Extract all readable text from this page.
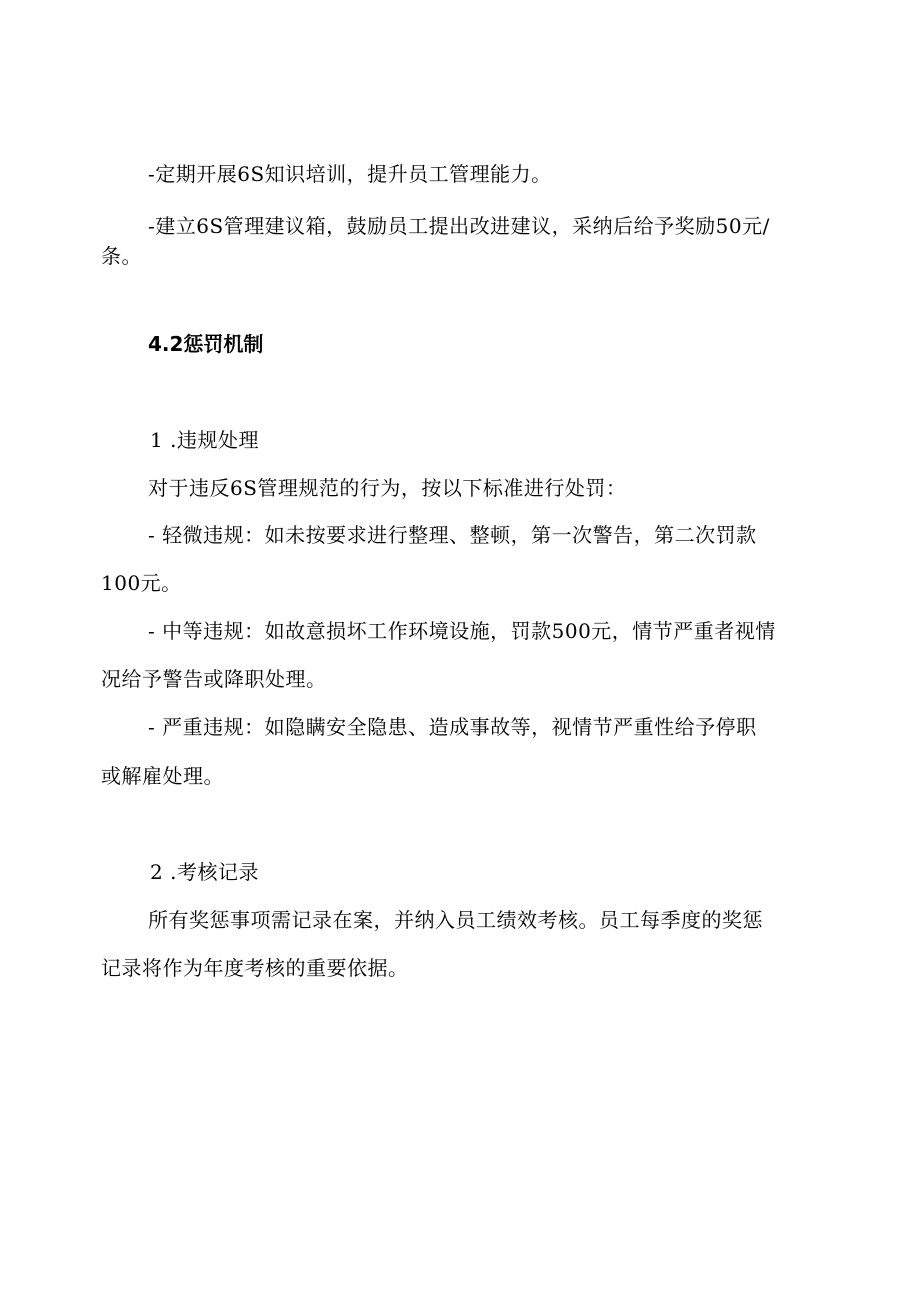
-定期开展6S知识培训，提升员工管理能力。
-建立6S管理建议箱，鼓励员工提出改进建议，采纳后给予奖励50元/
条。
4.2惩罚机制
1 .违规处理
对于违反6S管理规范的行为，按以下标准进行处罚：
- 轻微违规：如未按要求进行整理、整顿，第一次警告，第二次罚款
100元。
- 中等违规：如故意损坏工作环境设施，罚款500元，情节严重者视情
况给予警告或降职处理。
- 严重违规：如隐瞒安全隐患、造成事故等，视情节严重性给予停职
或解雇处理。
2 .考核记录
所有奖惩事项需记录在案，并纳入员工绩效考核。员工每季度的奖惩
记录将作为年度考核的重要依据。
